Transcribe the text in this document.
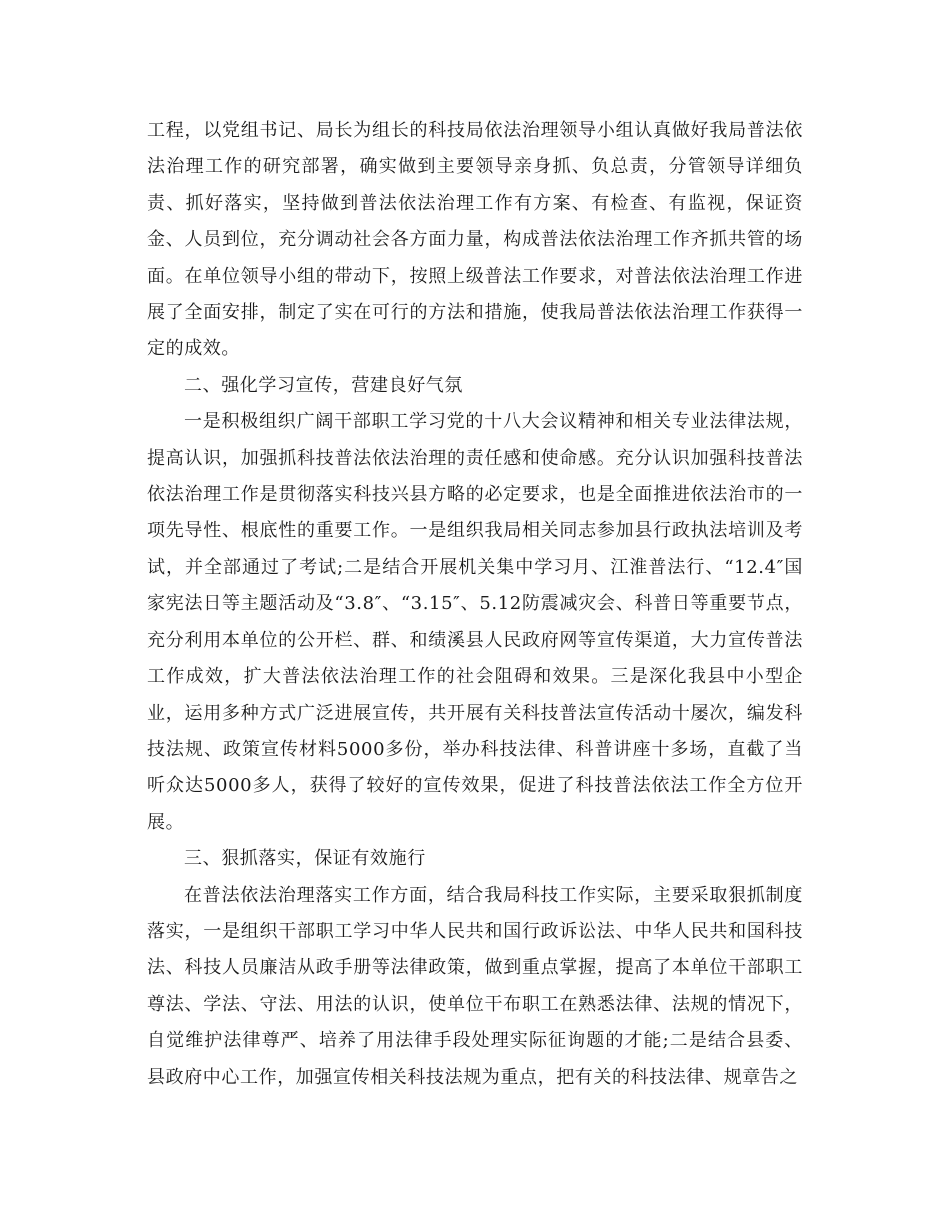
工程，以党组书记、局长为组长的科技局依法治理领导小组认真做好我局普法依法治理工作的研究部署，确实做到主要领导亲身抓、负总责，分管领导详细负责、抓好落实，坚持做到普法依法治理工作有方案、有检查、有监视，保证资金、人员到位，充分调动社会各方面力量，构成普法依法治理工作齐抓共管的场面。在单位领导小组的带动下，按照上级普法工作要求，对普法依法治理工作进展了全面安排，制定了实在可行的方法和措施，使我局普法依法治理工作获得一定的成效。

二、强化学习宣传，营建良好气氛

一是积极组织广阔干部职工学习党的十八大会议精神和相关专业法律法规，提高认识，加强抓科技普法依法治理的责任感和使命感。充分认识加强科技普法依法治理工作是贯彻落实科技兴县方略的必定要求，也是全面推进依法治市的一项先导性、根底性的重要工作。一是组织我局相关同志参加县行政执法培训及考试，并全部通过了考试;二是结合开展机关集中学习月、江淮普法行、“12.4″国家宪法日等主题活动及“3.8″、“3.15″、5.12防震减灾会、科普日等重要节点，充分利用本单位的公开栏、群、和绩溪县人民政府网等宣传渠道，大力宣传普法工作成效，扩大普法依法治理工作的社会阻碍和效果。三是深化我县中小型企业，运用多种方式广泛进展宣传，共开展有关科技普法宣传活动十屡次，编发科技法规、政策宣传材料5000多份，举办科技法律、科普讲座十多场，直截了当听众达5000多人，获得了较好的宣传效果，促进了科技普法依法工作全方位开展。

三、狠抓落实，保证有效施行

在普法依法治理落实工作方面，结合我局科技工作实际，主要采取狠抓制度落实，一是组织干部职工学习中华人民共和国行政诉讼法、中华人民共和国科技法、科技人员廉洁从政手册等法律政策，做到重点掌握，提高了本单位干部职工尊法、学法、守法、用法的认识，使单位干布职工在熟悉法律、法规的情况下，自觉维护法律尊严、培养了用法律手段处理实际征询题的才能;二是结合县委、县政府中心工作，加强宣传相关科技法规为重点，把有关的科技法律、规章告之
